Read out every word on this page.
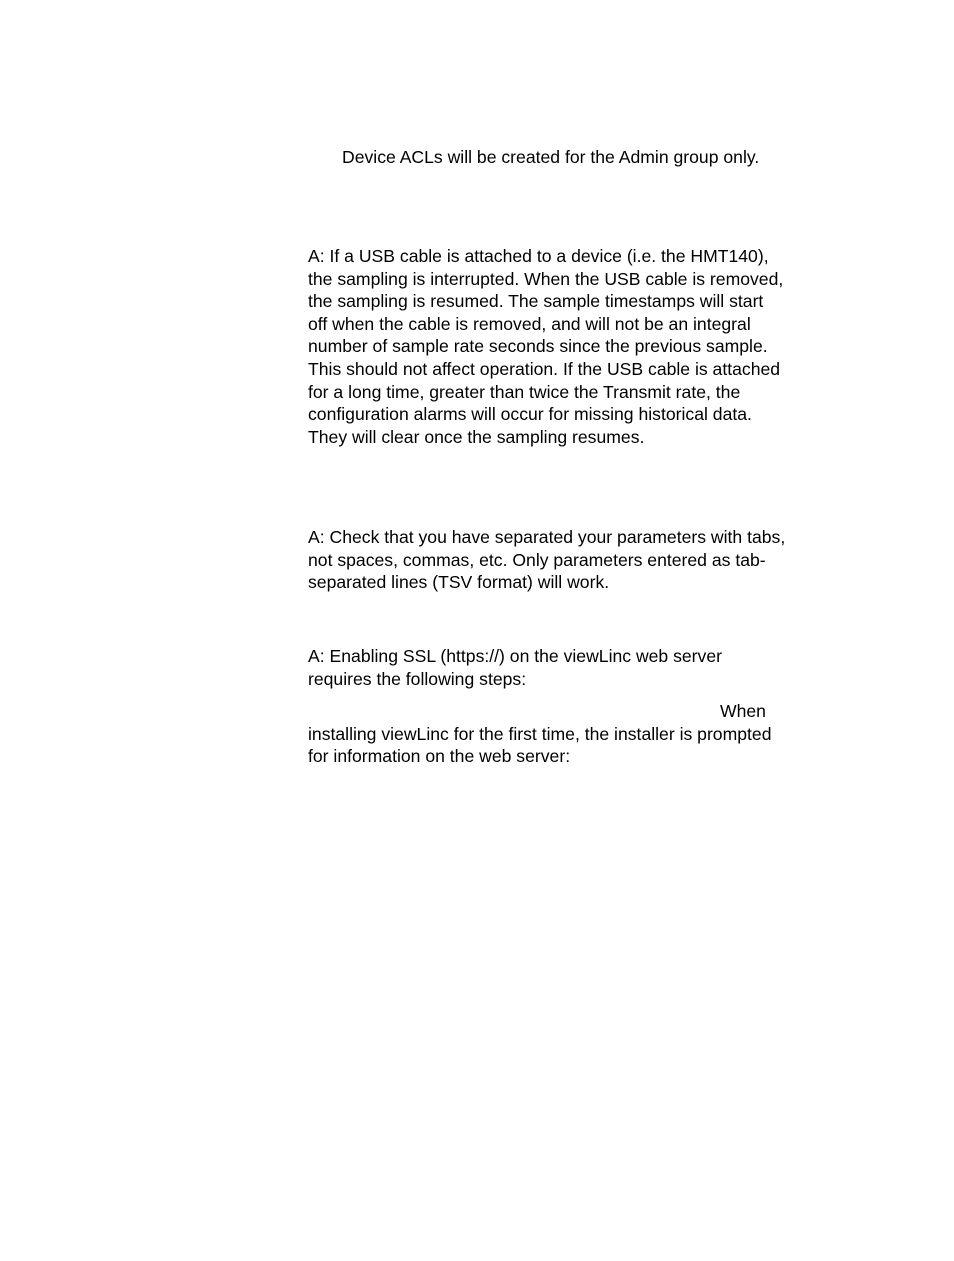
Device ACLs will be created for the Admin group only.

A: If a USB cable is attached to a device (i.e. the HMT140),
the sampling is interrupted. When the USB cable is removed,
the sampling is resumed. The sample timestamps will start
off when the cable is removed, and will not be an integral
number of sample rate seconds since the previous sample.
This should not affect operation. If the USB cable is attached
for a long time, greater than twice the Transmit rate, the
configuration alarms will occur for missing historical data.
They will clear once the sampling resumes.

A: Check that you have separated your parameters with tabs,
not spaces, commas, etc. Only parameters entered as tab-
separated lines (TSV format) will work.

A: Enabling SSL (https://) on the viewLinc web server
requires the following steps:

When
installing viewLinc for the first time, the installer is prompted
for information on the web server:
